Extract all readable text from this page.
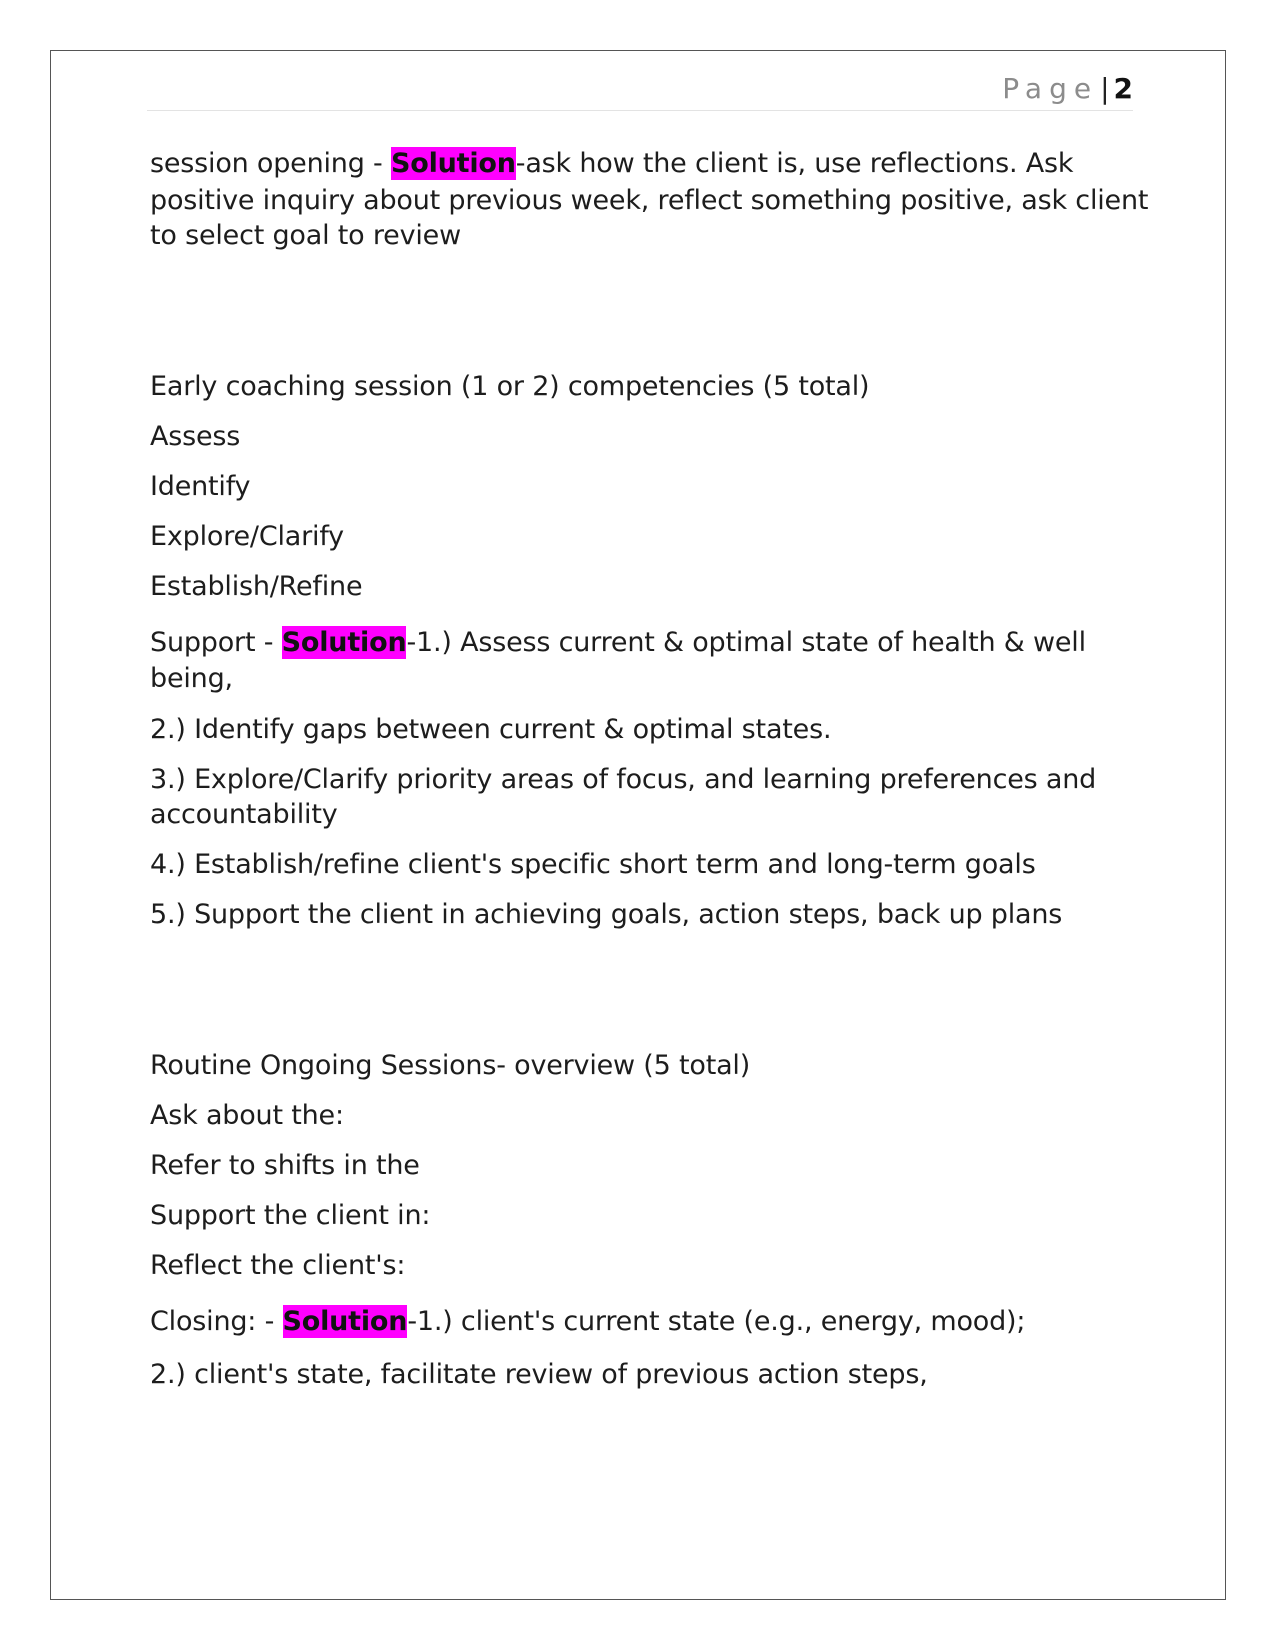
Page| 2
session opening - Solution-ask how the client is, use reflections. Ask
positive inquiry about previous week, reflect something positive, ask client
to select goal to review
Early coaching session (1 or 2) competencies (5 total)
Assess
Identify
Explore/Clarify
Establish/Refine
Support - Solution-1.) Assess current & optimal state of health & well
being,
2.) Identify gaps between current & optimal states.
3.) Explore/Clarify priority areas of focus, and learning preferences and
accountability
4.) Establish/refine client's specific short term and long-term goals
5.) Support the client in achieving goals, action steps, back up plans
Routine Ongoing Sessions- overview (5 total)
Ask about the:
Refer to shifts in the
Support the client in:
Reflect the client's:
Closing: - Solution-1.) client's current state (e.g., energy, mood);
2.) client's state, facilitate review of previous action steps,
